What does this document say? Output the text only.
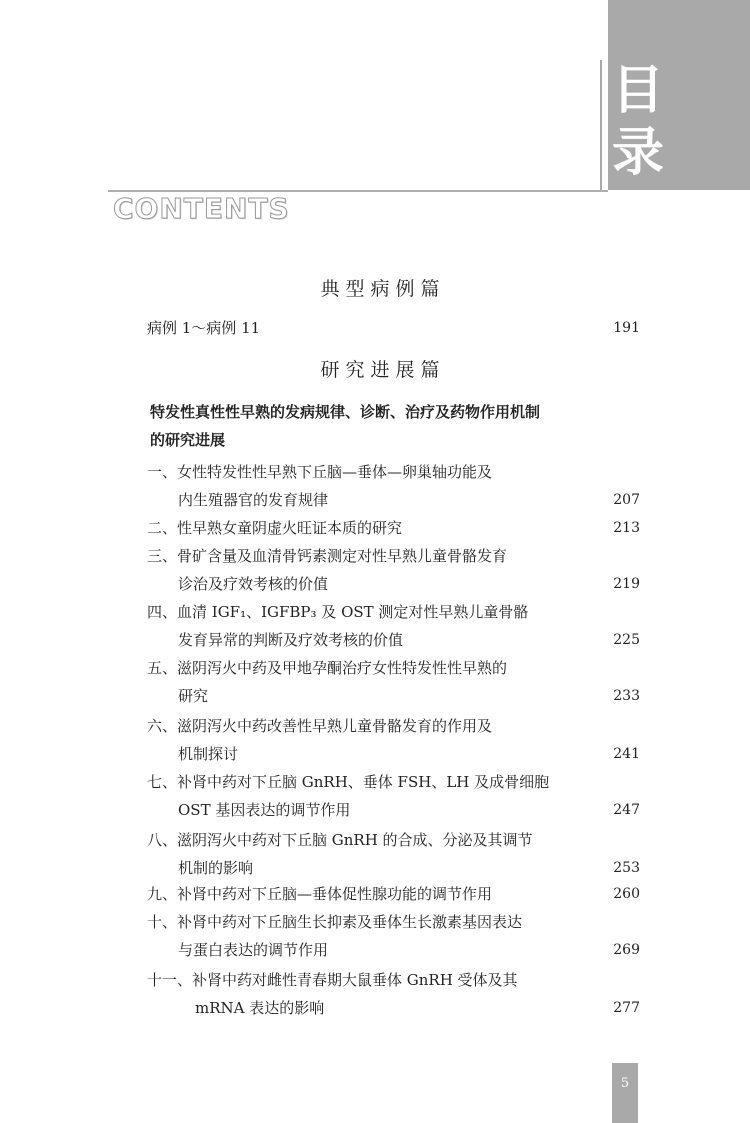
目
录
CONTENTS
典型病例篇
病例 1～病例 11	191
研究进展篇
特发性真性性早熟的发病规律、诊断、治疗及药物作用机制
的研究进展
一、女性特发性性早熟下丘脑—垂体—卵巢轴功能及
内生殖器官的发育规律	207
二、性早熟女童阴虚火旺证本质的研究	213
三、骨矿含量及血清骨钙素测定对性早熟儿童骨骼发育
诊治及疗效考核的价值	219
四、血清 IGF₁、IGFBP₃ 及 OST 测定对性早熟儿童骨骼
发育异常的判断及疗效考核的价值	225
五、滋阴泻火中药及甲地孕酮治疗女性特发性性早熟的
研究	233
六、滋阴泻火中药改善性早熟儿童骨骼发育的作用及
机制探讨	241
七、补肾中药对下丘脑 GnRH、垂体 FSH、LH 及成骨细胞
OST 基因表达的调节作用	247
八、滋阴泻火中药对下丘脑 GnRH 的合成、分泌及其调节
机制的影响	253
九、补肾中药对下丘脑—垂体促性腺功能的调节作用	260
十、补肾中药对下丘脑生长抑素及垂体生长激素基因表达
与蛋白表达的调节作用	269
十一、补肾中药对雌性青春期大鼠垂体 GnRH 受体及其
mRNA 表达的影响	277
5
